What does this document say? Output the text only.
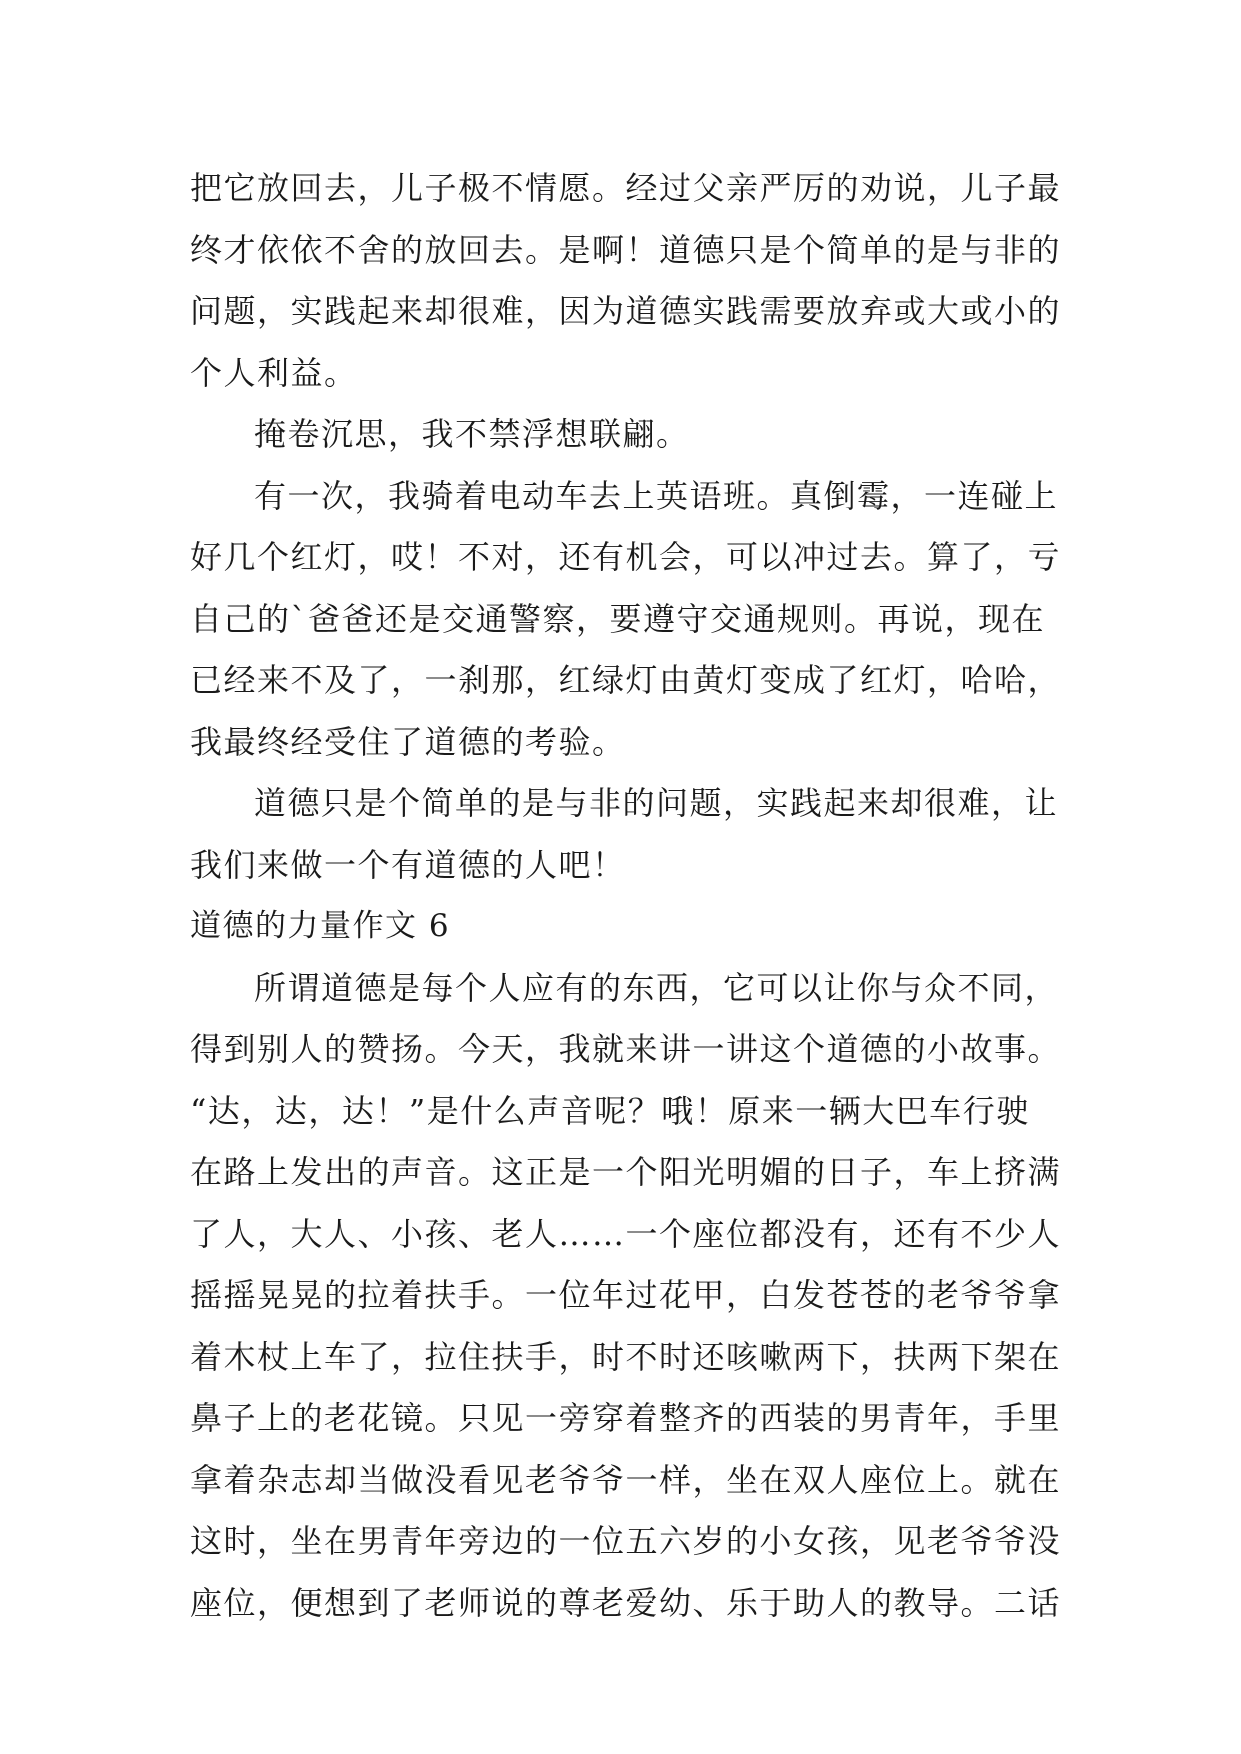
把它放回去，儿子极不情愿。经过父亲严厉的劝说，儿子最
终才依依不舍的放回去。是啊！道德只是个简单的是与非的
问题，实践起来却很难，因为道德实践需要放弃或大或小的
个人利益。
掩卷沉思，我不禁浮想联翩。
有一次，我骑着电动车去上英语班。真倒霉，一连碰上
好几个红灯，哎！不对，还有机会，可以冲过去。算了，亏
自己的`爸爸还是交通警察，要遵守交通规则。再说，现在
已经来不及了，一刹那，红绿灯由黄灯变成了红灯，哈哈，
我最终经受住了道德的考验。
道德只是个简单的是与非的问题，实践起来却很难，让
我们来做一个有道德的人吧！
道德的力量作文 6
所谓道德是每个人应有的东西，它可以让你与众不同，
得到别人的赞扬。今天，我就来讲一讲这个道德的小故事。
“达，达，达！”是什么声音呢？哦！原来一辆大巴车行驶
在路上发出的声音。这正是一个阳光明媚的日子，车上挤满
了人，大人、小孩、老人……一个座位都没有，还有不少人
摇摇晃晃的拉着扶手。一位年过花甲，白发苍苍的老爷爷拿
着木杖上车了，拉住扶手，时不时还咳嗽两下，扶两下架在
鼻子上的老花镜。只见一旁穿着整齐的西装的男青年，手里
拿着杂志却当做没看见老爷爷一样，坐在双人座位上。就在
这时，坐在男青年旁边的一位五六岁的小女孩，见老爷爷没
座位，便想到了老师说的尊老爱幼、乐于助人的教导。二话
